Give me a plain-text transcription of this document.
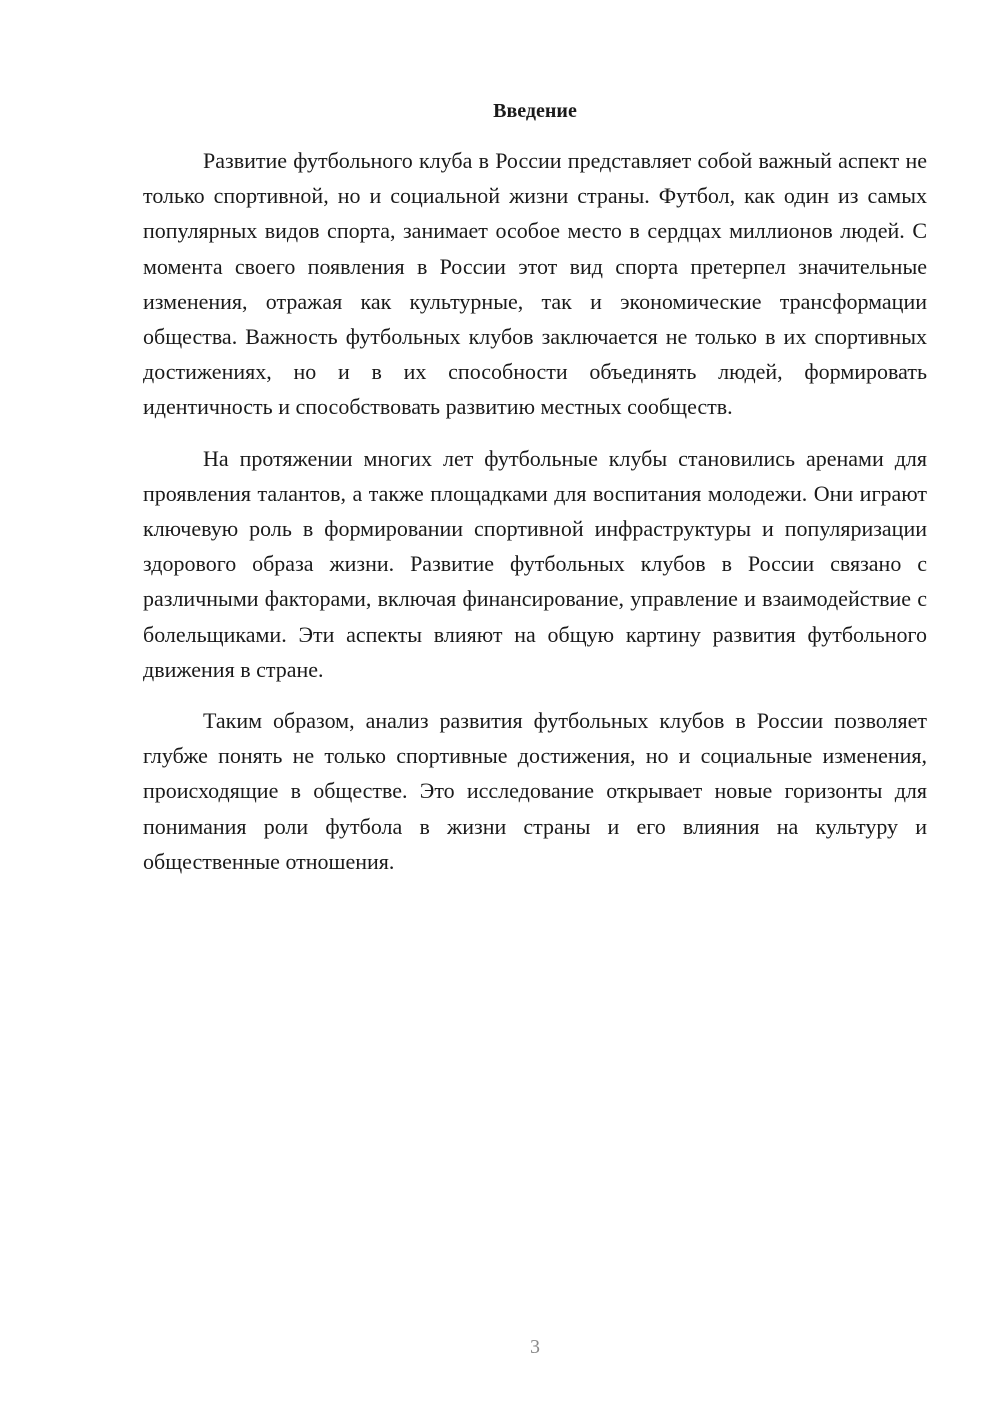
Введение

Развитие футбольного клуба в России представляет собой важный аспект не только спортивной, но и социальной жизни страны. Футбол, как один из самых популярных видов спорта, занимает особое место в сердцах миллионов людей. С момента своего появления в России этот вид спорта претерпел значительные изменения, отражая как культурные, так и экономические трансформации общества. Важность футбольных клубов заключается не только в их спортивных достижениях, но и в их способности объединять людей, формировать идентичность и способствовать развитию местных сообществ.

На протяжении многих лет футбольные клубы становились аренами для проявления талантов, а также площадками для воспитания молодежи. Они играют ключевую роль в формировании спортивной инфраструктуры и популяризации здорового образа жизни. Развитие футбольных клубов в России связано с различными факторами, включая финансирование, управление и взаимодействие с болельщиками. Эти аспекты влияют на общую картину развития футбольного движения в стране.

Таким образом, анализ развития футбольных клубов в России позволяет глубже понять не только спортивные достижения, но и социальные изменения, происходящие в обществе. Это исследование открывает новые горизонты для понимания роли футбола в жизни страны и его влияния на культуру и общественные отношения.

3
